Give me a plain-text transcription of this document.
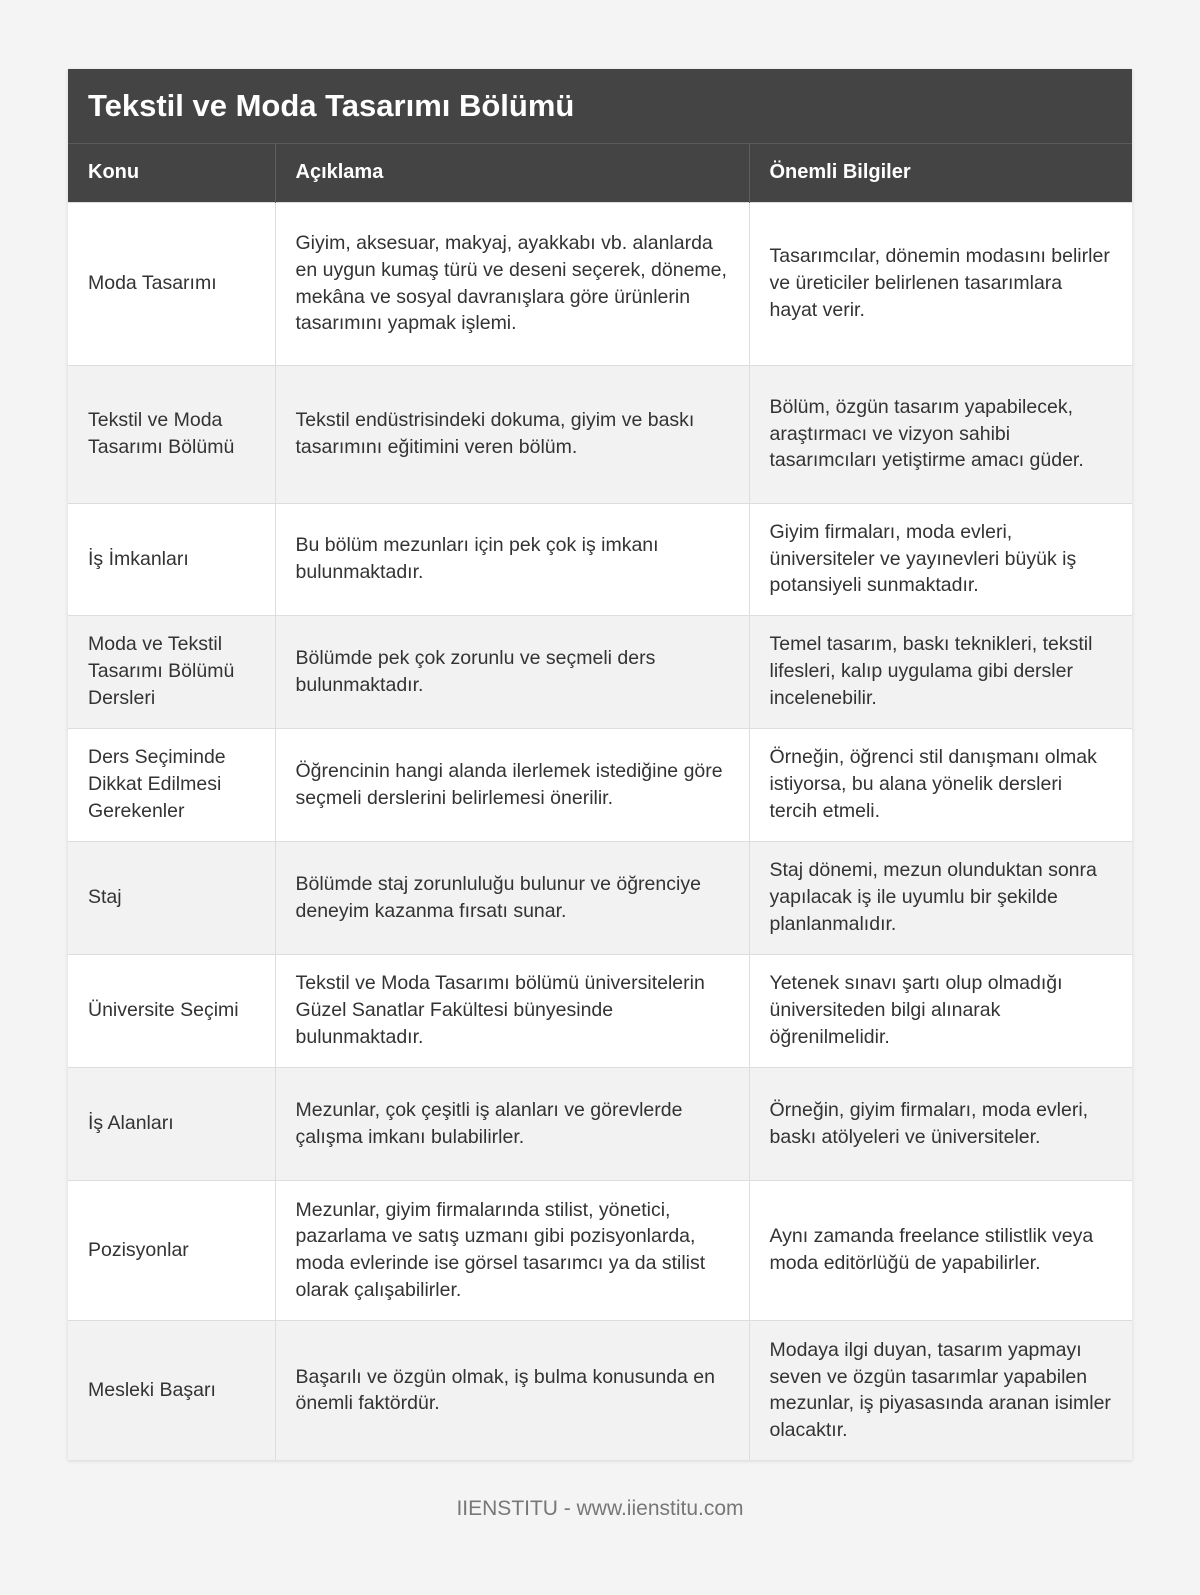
Tekstil ve Moda Tasarımı Bölümü
Konu	Açıklama	Önemli Bilgiler
Moda Tasarımı	Giyim, aksesuar, makyaj, ayakkabı vb. alanlarda en uygun kumaş türü ve deseni seçerek, döneme, mekâna ve sosyal davranışlara göre ürünlerin tasarımını yapmak işlemi.	Tasarımcılar, dönemin modasını belirler ve üreticiler belirlenen tasarımlara hayat verir.
Tekstil ve Moda Tasarımı Bölümü	Tekstil endüstrisindeki dokuma, giyim ve baskı tasarımını eğitimini veren bölüm.	Bölüm, özgün tasarım yapabilecek, araştırmacı ve vizyon sahibi tasarımcıları yetiştirme amacı güder.
İş İmkanları	Bu bölüm mezunları için pek çok iş imkanı bulunmaktadır.	Giyim firmaları, moda evleri, üniversiteler ve yayınevleri büyük iş potansiyeli sunmaktadır.
Moda ve Tekstil Tasarımı Bölümü Dersleri	Bölümde pek çok zorunlu ve seçmeli ders bulunmaktadır.	Temel tasarım, baskı teknikleri, tekstil lifesleri, kalıp uygulama gibi dersler incelenebilir.
Ders Seçiminde Dikkat Edilmesi Gerekenler	Öğrencinin hangi alanda ilerlemek istediğine göre seçmeli derslerini belirlemesi önerilir.	Örneğin, öğrenci stil danışmanı olmak istiyorsa, bu alana yönelik dersleri tercih etmeli.
Staj	Bölümde staj zorunluluğu bulunur ve öğrenciye deneyim kazanma fırsatı sunar.	Staj dönemi, mezun olunduktan sonra yapılacak iş ile uyumlu bir şekilde planlanmalıdır.
Üniversite Seçimi	Tekstil ve Moda Tasarımı bölümü üniversitelerin Güzel Sanatlar Fakültesi bünyesinde bulunmaktadır.	Yetenek sınavı şartı olup olmadığı üniversiteden bilgi alınarak öğrenilmelidir.
İş Alanları	Mezunlar, çok çeşitli iş alanları ve görevlerde çalışma imkanı bulabilirler.	Örneğin, giyim firmaları, moda evleri, baskı atölyeleri ve üniversiteler.
Pozisyonlar	Mezunlar, giyim firmalarında stilist, yönetici, pazarlama ve satış uzmanı gibi pozisyonlarda, moda evlerinde ise görsel tasarımcı ya da stilist olarak çalışabilirler.	Aynı zamanda freelance stilistlik veya moda editörlüğü de yapabilirler.
Mesleki Başarı	Başarılı ve özgün olmak, iş bulma konusunda en önemli faktördür.	Modaya ilgi duyan, tasarım yapmayı seven ve özgün tasarımlar yapabilen mezunlar, iş piyasasında aranan isimler olacaktır.
IIENSTITU - www.iienstitu.com
